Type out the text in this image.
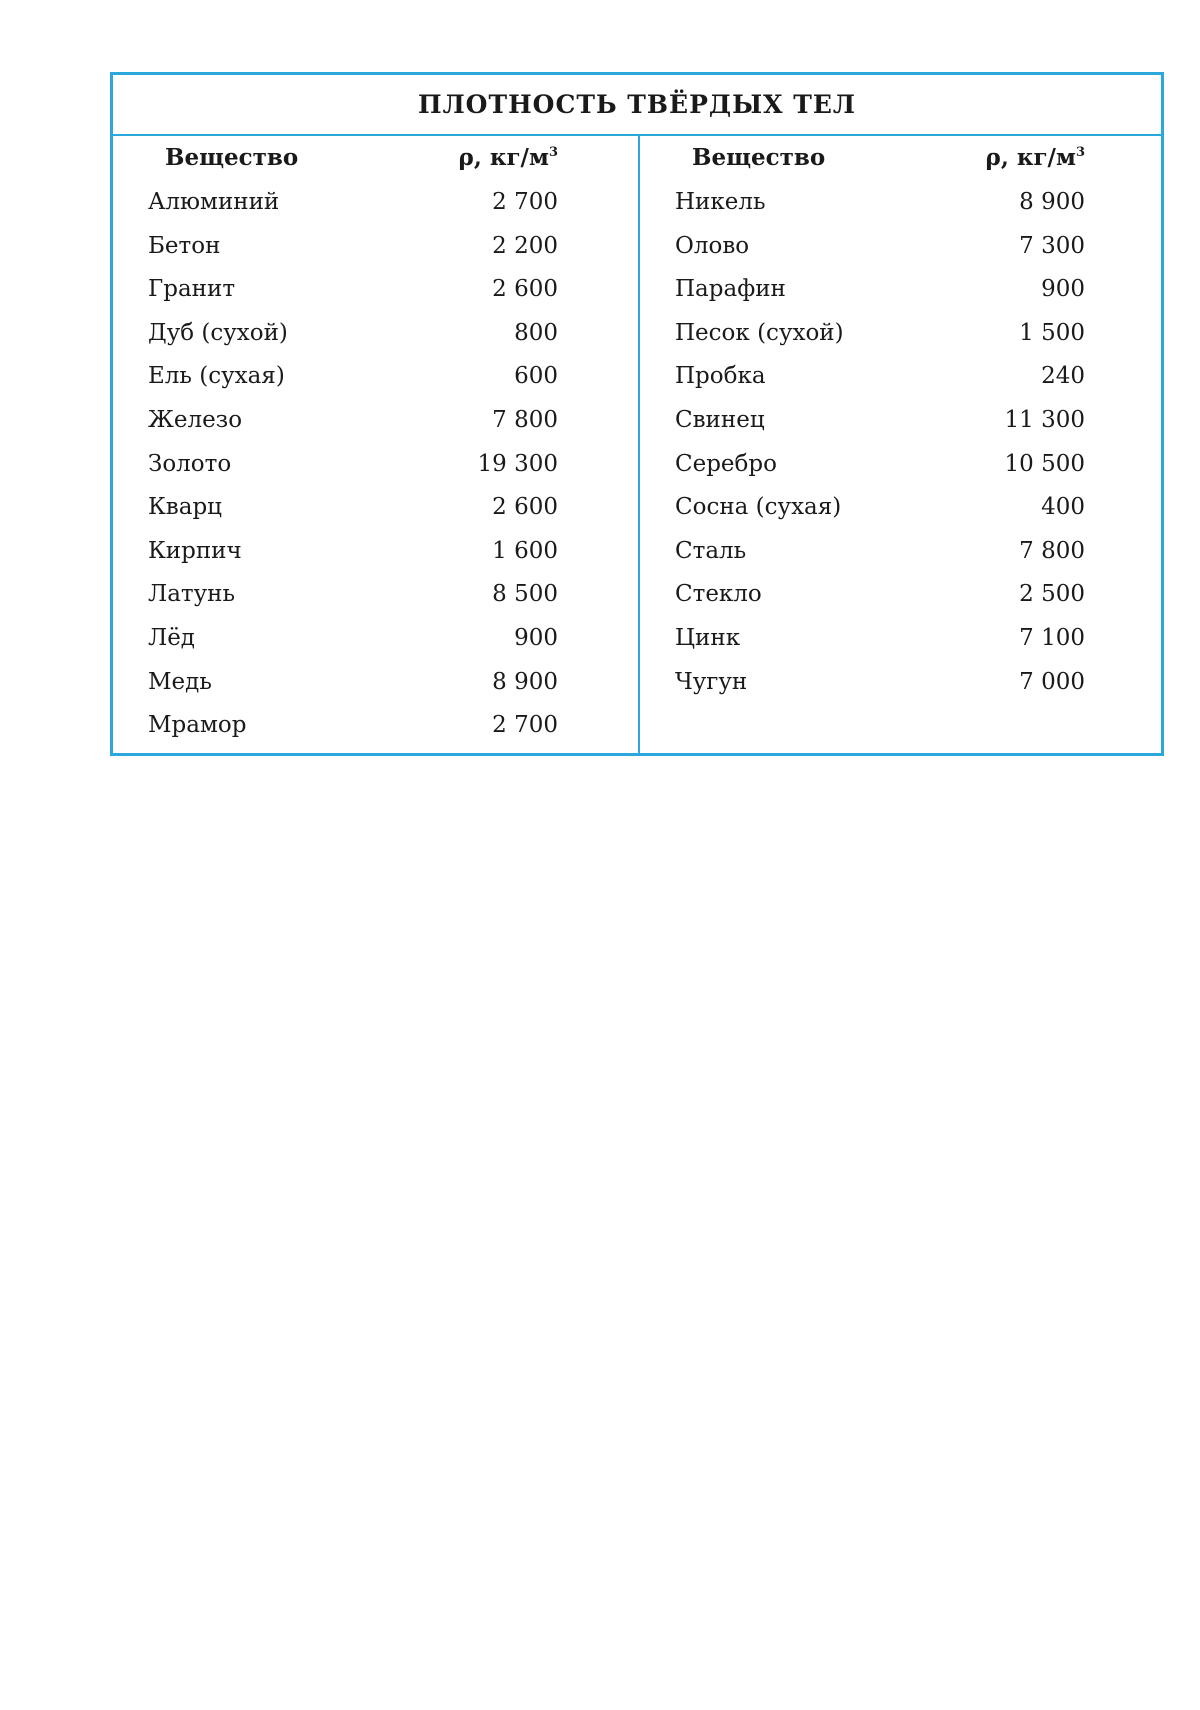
ПЛОТНОСТЬ ТВЁРДЫХ ТЕЛ
Вещество	ρ, $кг/м^3$
Алюминий	2 700
Бетон	2 200
Гранит	2 600
Дуб (сухой)	800
Ель (сухая)	600
Железо	7 800
Золото	19 300
Кварц	2 600
Кирпич	1 600
Латунь	8 500
Лёд	900
Медь	8 900
Мрамор	2 700
Вещество	ρ, $кг/м^3$
Никель	8 900
Олово	7 300
Парафин	900
Песок (сухой)	1 500
Пробка	240
Свинец	11 300
Серебро	10 500
Сосна (сухая)	400
Сталь	7 800
Стекло	2 500
Цинк	7 100
Чугун	7 000
